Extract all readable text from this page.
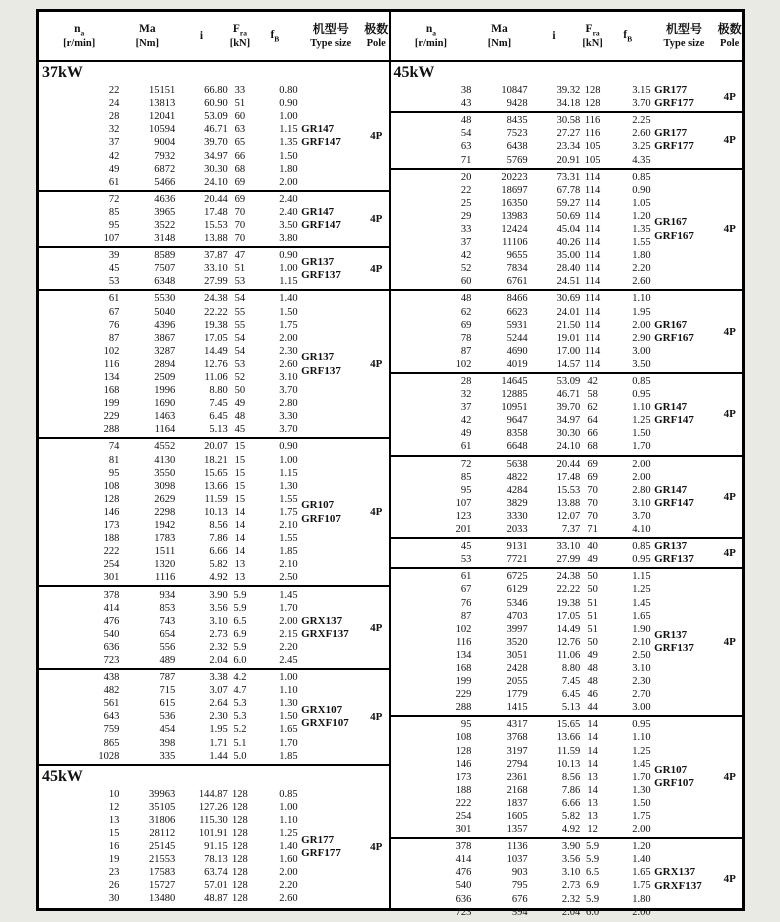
$n_a$
[r/min]
Ma
[Nm]
i
$F_{ra}$
[kN]
$f_B$
机型号
Type size
极数
Pole
37kW
22	15151	66.80 33	0.80
24	13813	60.90 51	0.90
28	12041	53.09 60	1.00
32	10594	46.71 63	1.15
37	9004	39.70 65	1.35
42	7932	34.97 66	1.50
49	6872	30.30 68	1.80
61	5466	24.10 69	2.00
GR147
GRF147	4P
72	4636	20.44 69	2.40
85	3965	17.48 70	2.40
95	3522	15.53 70	3.50
107	3148	13.88 70	3.80
GR147
GRF147	4P
39	8589	37.87 47	0.90
45	7507	33.10 51	1.00
53	6348	27.99 53	1.15
GR137
GRF137	4P
61	5530	24.38 54	1.40
67	5040	22.22 55	1.50
76	4396	19.38 55	1.75
87	3867	17.05 54	2.00
102	3287	14.49 54	2.30
116	2894	12.76 53	2.60
134	2509	11.06 52	3.10
168	1996	8.80 50	3.70
199	1690	7.45 49	2.80
229	1463	6.45 48	3.30
288	1164	5.13 45	3.70
GR137
GRF137	4P
74	4552	20.07 15	0.90
81	4130	18.21 15	1.00
95	3550	15.65 15	1.15
108	3098	13.66 15	1.30
128	2629	11.59 15	1.55
146	2298	10.13 14	1.75
173	1942	8.56 14	2.10
188	1783	7.86 14	1.55
222	1511	6.66 14	1.85
254	1320	5.82 13	2.10
301	1116	4.92 13	2.50
GR107
GRF107	4P
378	934	3.90 5.9	1.45
414	853	3.56 5.9	1.70
476	743	3.10 6.5	2.00
540	654	2.73 6.9	2.15
636	556	2.32 5.9	2.20
723	489	2.04 6.0	2.45
GRX137
GRXF137	4P
438	787	3.38 4.2	1.00
482	715	3.07 4.7	1.10
561	615	2.64 5.3	1.30
643	536	2.30 5.3	1.50
759	454	1.95 5.2	1.65
865	398	1.71 5.1	1.70
1028	335	1.44 5.0	1.85
GRX107
GRXF107	4P
45kW
10	39963	144.87 128	0.85
12	35105	127.26 128	1.00
13	31806	115.30 128	1.10
15	28112	101.91 128	1.25
16	25145	91.15 128	1.40
19	21553	78.13 128	1.60
23	17583	63.74 128	2.00
26	15727	57.01 128	2.20
30	13480	48.87 128	2.60
GR177
GRF177	4P
$n_a$
[r/min]
Ma
[Nm]
i
$F_{ra}$
[kN]
$f_B$
机型号
Type size
极数
Pole
45kW
38	10847	39.32 128	3.15
43	9428	34.18 128	3.70
GR177
GRF177	4P
48	8435	30.58 116	2.25
54	7523	27.27 116	2.60
63	6438	23.34 105	3.25
71	5769	20.91 105	4.35
GR177
GRF177	4P
20	20223	73.31 114	0.85
22	18697	67.78 114	0.90
25	16350	59.27 114	1.05
29	13983	50.69 114	1.20
33	12424	45.04 114	1.35
37	11106	40.26 114	1.55
42	9655	35.00 114	1.80
52	7834	28.40 114	2.20
60	6761	24.51 114	2.60
GR167
GRF167	4P
48	8466	30.69 114	1.10
62	6623	24.01 114	1.95
69	5931	21.50 114	2.00
78	5244	19.01 114	2.90
87	4690	17.00 114	3.00
102	4019	14.57 114	3.50
GR167
GRF167	4P
28	14645	53.09 42	0.85
32	12885	46.71 58	0.95
37	10951	39.70 62	1.10
42	9647	34.97 64	1.25
49	8358	30.30 66	1.50
61	6648	24.10 68	1.70
GR147
GRF147	4P
72	5638	20.44 69	2.00
85	4822	17.48 69	2.00
95	4284	15.53 70	2.80
107	3829	13.88 70	3.10
123	3330	12.07 70	3.70
201	2033	7.37 71	4.10
GR147
GRF147	4P
45	9131	33.10 40	0.85
53	7721	27.99 49	0.95
GR137
GRF137	4P
61	6725	24.38 50	1.15
67	6129	22.22 50	1.25
76	5346	19.38 51	1.45
87	4703	17.05 51	1.65
102	3997	14.49 51	1.90
116	3520	12.76 50	2.10
134	3051	11.06 49	2.50
168	2428	8.80 48	3.10
199	2055	7.45 48	2.30
229	1779	6.45 46	2.70
288	1415	5.13 44	3.00
GR137
GRF137	4P
95	4317	15.65 14	0.95
108	3768	13.66 14	1.10
128	3197	11.59 14	1.25
146	2794	10.13 14	1.45
173	2361	8.56 13	1.70
188	2168	7.86 14	1.30
222	1837	6.66 13	1.50
254	1605	5.82 13	1.75
301	1357	4.92 12	2.00
GR107
GRF107	4P
378	1136	3.90 5.9	1.20
414	1037	3.56 5.9	1.40
476	903	3.10 6.5	1.65
540	795	2.73 6.9	1.75
636	676	2.32 5.9	1.80
723	594	2.04 6.0	2.00
GRX137
GRXF137	4P
